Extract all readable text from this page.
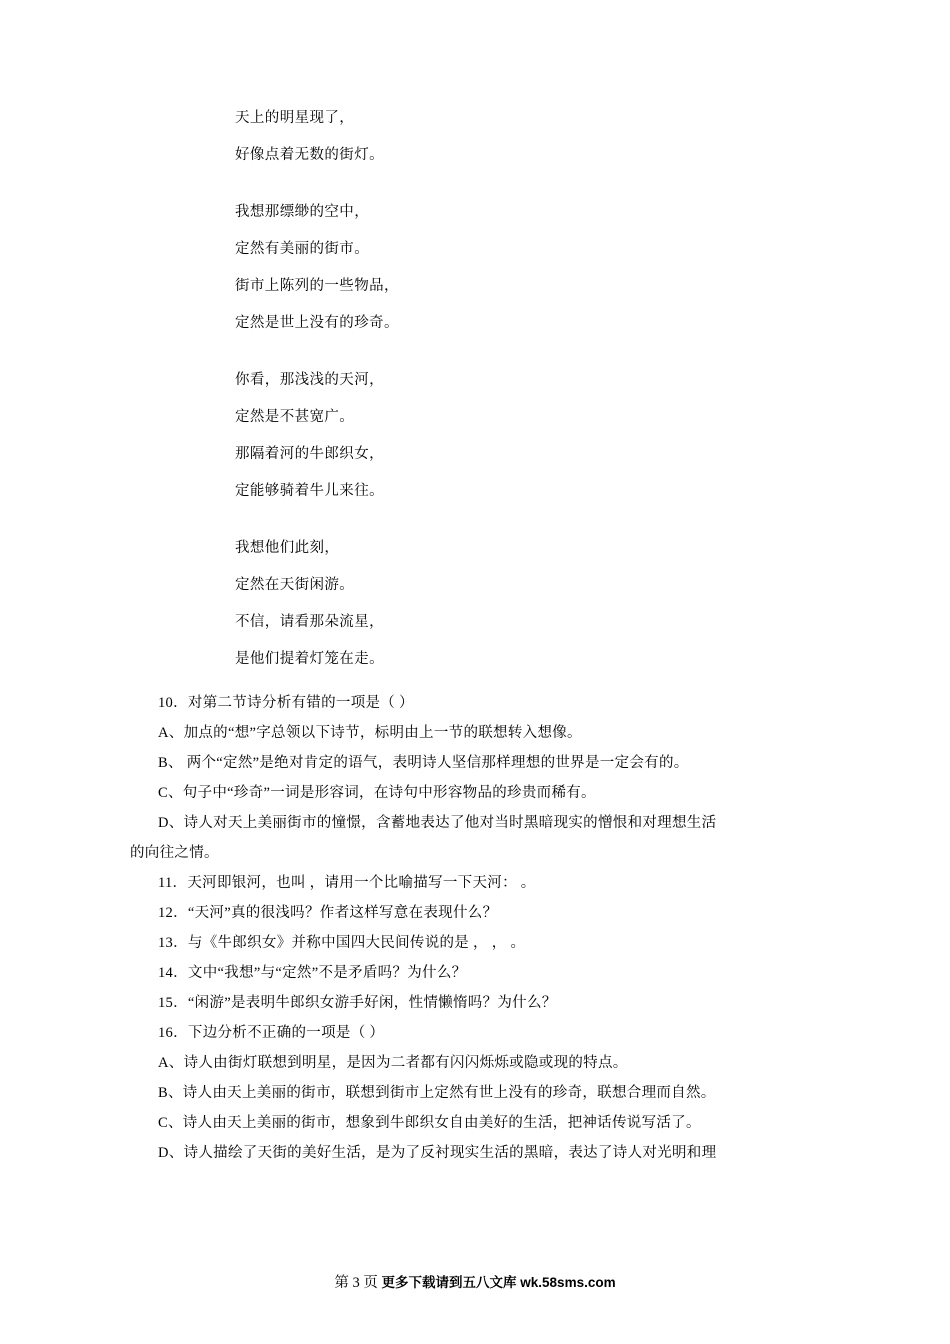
天上的明星现了，
好像点着无数的街灯。
我想那缥缈的空中，
定然有美丽的街市。
街市上陈列的一些物品，
定然是世上没有的珍奇。
你看，那浅浅的天河，
定然是不甚宽广。
那隔着河的牛郎织女，
定能够骑着牛儿来往。
我想他们此刻，
定然在天街闲游。
不信，请看那朵流星，
是他们提着灯笼在走。
10．对第二节诗分析有错的一项是（ ）
A、加点的“想”字总领以下诗节，标明由上一节的联想转入想像。
B、 两个“定然”是绝对肯定的语气，表明诗人坚信那样理想的世界是一定会有的。
C、句子中“珍奇”一词是形容词，在诗句中形容物品的珍贵而稀有。
D、诗人对天上美丽街市的憧憬，含蓄地表达了他对当时黑暗现实的憎恨和对理想生活
的向往之情。
11．天河即银河，也叫 ，请用一个比喻描写一下天河： 。
12．“天河”真的很浅吗？作者这样写意在表现什么？
13．与《牛郎织女》并称中国四大民间传说的是 ， ， 。
14．文中“我想”与“定然”不是矛盾吗？为什么？
15．“闲游”是表明牛郎织女游手好闲，性情懒惰吗？为什么？
16．下边分析不正确的一项是（ ）
A、诗人由街灯联想到明星，是因为二者都有闪闪烁烁或隐或现的特点。
B、诗人由天上美丽的街市，联想到街市上定然有世上没有的珍奇，联想合理而自然。
C、诗人由天上美丽的街市，想象到牛郎织女自由美好的生活，把神话传说写活了。
D、诗人描绘了天街的美好生活，是为了反衬现实生活的黑暗，表达了诗人对光明和理
第 3 页 更多下载请到五八文库 wk.58sms.com
